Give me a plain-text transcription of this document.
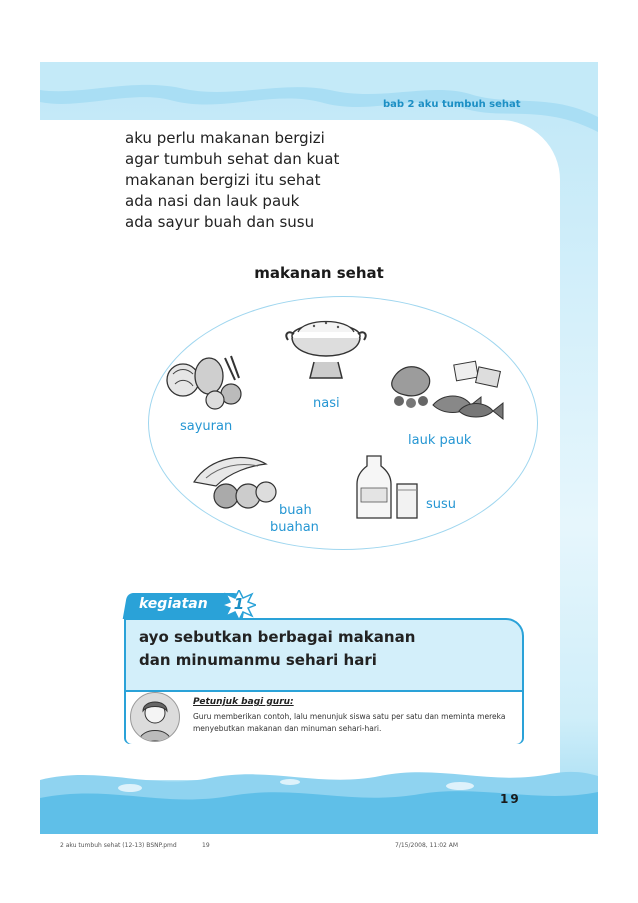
bab 2 aku tumbuh sehat
aku perlu makanan bergizi
agar tumbuh sehat dan kuat
makanan bergizi itu sehat
ada nasi dan lauk pauk
ada sayur buah dan susu
makanan sehat
nasi
sayuran
lauk pauk
buah
buahan
susu
kegiatan	1
ayo sebutkan berbagai makanan
dan minumanmu sehari hari
Petunjuk bagi guru:
Guru memberikan contoh, lalu menunjuk siswa satu per satu dan meminta mereka menyebutkan makanan dan minuman sehari-hari.
19
2 aku tumbuh sehat (12-13) BSNP.pmd	19	7/15/2008, 11:02 AM
